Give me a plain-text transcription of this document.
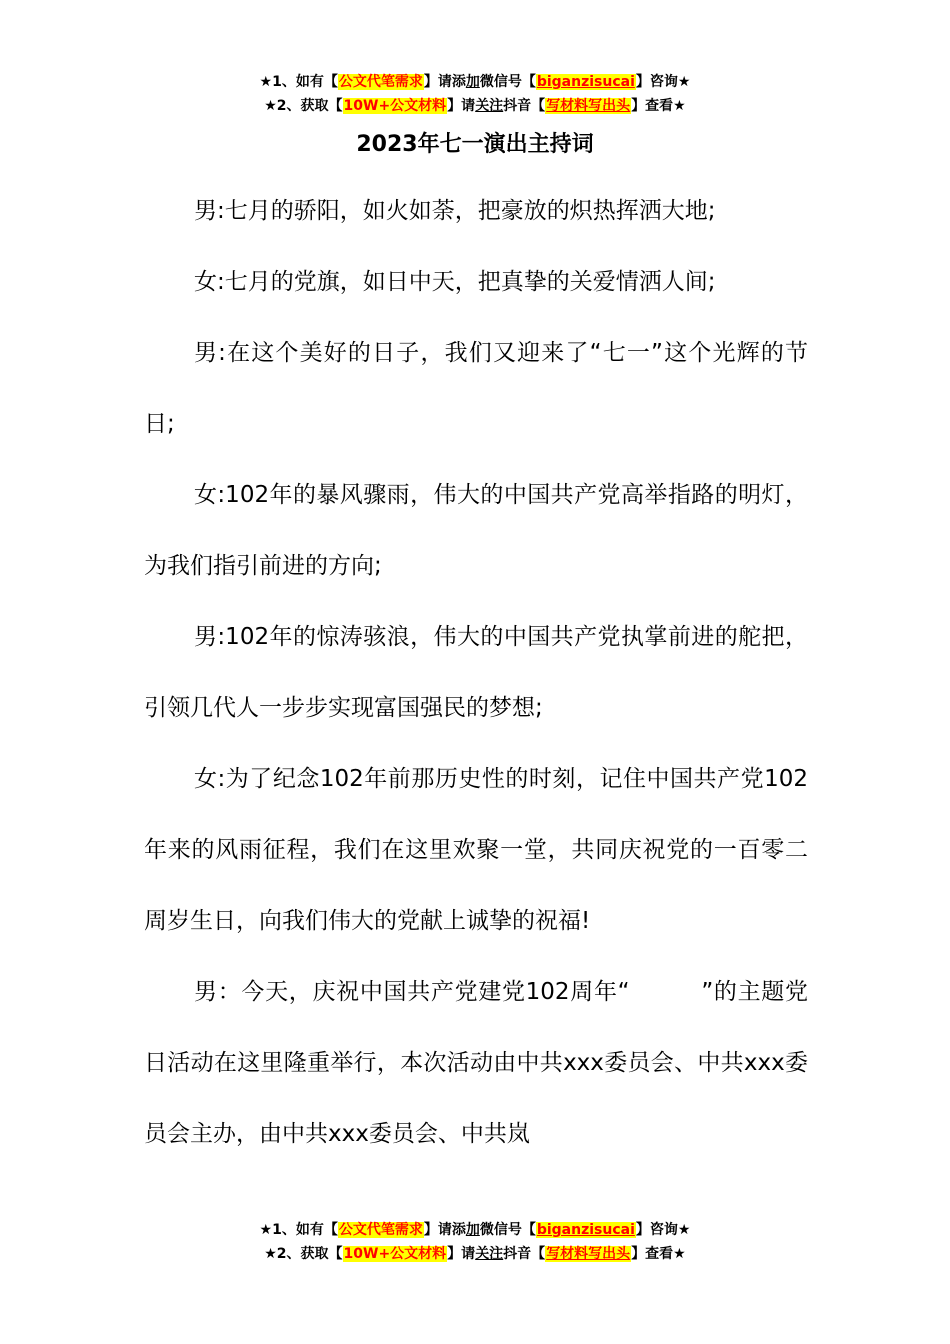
★1、如有【公文代笔需求】请添加微信号【biganzisucai】咨询★
★2、获取【10W+公文材料】请关注抖音【写材料写出头】查看★
2023年七一演出主持词

男:七月的骄阳，如火如荼，把豪放的炽热挥洒大地;

女:七月的党旗，如日中天，把真挚的关爱情洒人间;

男:在这个美好的日子，我们又迎来了“七一”这个光辉的节日;

女:102年的暴风骤雨，伟大的中国共产党高举指路的明灯，为我们指引前进的方向;

男:102年的惊涛骇浪，伟大的中国共产党执掌前进的舵把，引领几代人一步步实现富国强民的梦想;

女:为了纪念102年前那历史性的时刻，记住中国共产党102年来的风雨征程，我们在这里欢聚一堂，共同庆祝党的一百零二周岁生日，向我们伟大的党献上诚挚的祝福!

男：今天，庆祝中国共产党建党102周年“　　　”的主题党日活动在这里隆重举行，本次活动由中共xxx委员会、中共xxx委员会主办，由中共xxx委员会、中共岚

★1、如有【公文代笔需求】请添加微信号【biganzisucai】咨询★
★2、获取【10W+公文材料】请关注抖音【写材料写出头】查看★
